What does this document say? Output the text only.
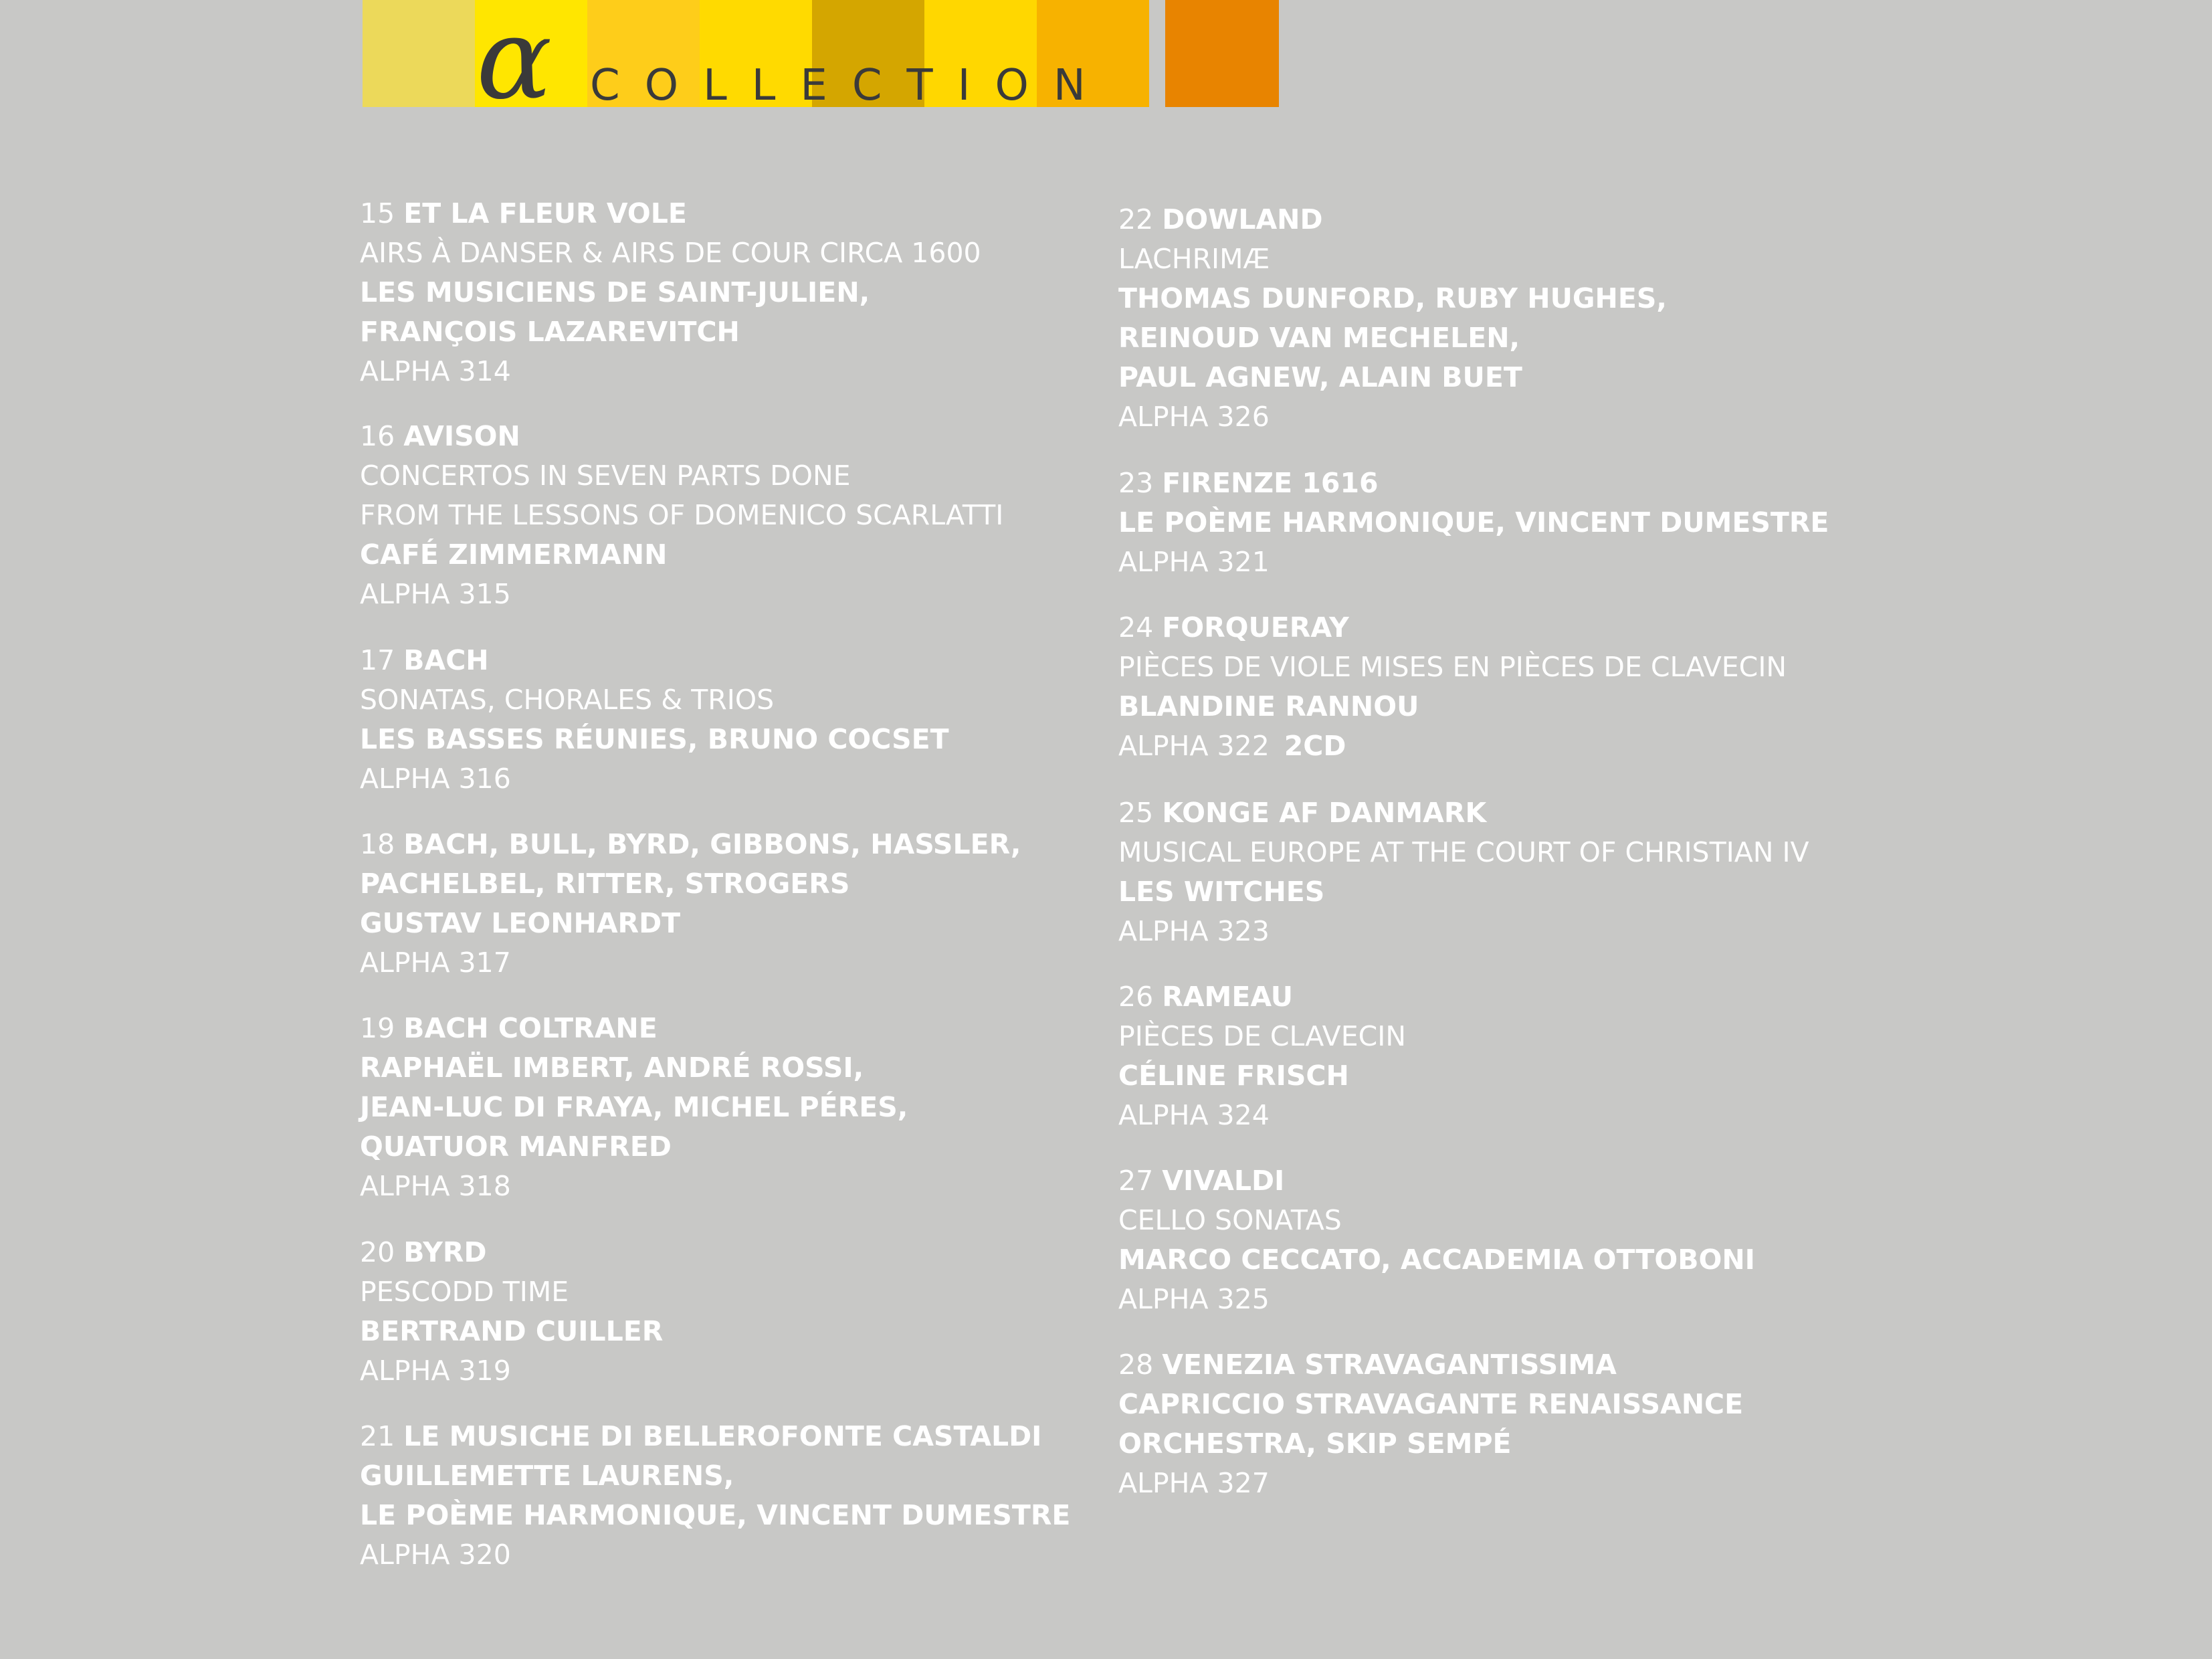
α COLLECTION
15 ET LA FLEUR VOLE
AIRS À DANSER & AIRS DE COUR CIRCA 1600
LES MUSICIENS DE SAINT-JULIEN,
FRANÇOIS LAZAREVITCH
ALPHA 314
16 AVISON
CONCERTOS IN SEVEN PARTS DONE
FROM THE LESSONS OF DOMENICO SCARLATTI
CAFÉ ZIMMERMANN
ALPHA 315
17 BACH
SONATAS, CHORALES & TRIOS
LES BASSES RÉUNIES, BRUNO COCSET
ALPHA 316
18 BACH, BULL, BYRD, GIBBONS, HASSLER,
PACHELBEL, RITTER, STROGERS
GUSTAV LEONHARDT
ALPHA 317
19 BACH COLTRANE
RAPHAËL IMBERT, ANDRÉ ROSSI,
JEAN-LUC DI FRAYA, MICHEL PÉRES,
QUATUOR MANFRED
ALPHA 318
20 BYRD
PESCODD TIME
BERTRAND CUILLER
ALPHA 319
21 LE MUSICHE DI BELLEROFONTE CASTALDI
GUILLEMETTE LAURENS,
LE POÈME HARMONIQUE, VINCENT DUMESTRE
ALPHA 320
22 DOWLAND
LACHRIMÆ
THOMAS DUNFORD, RUBY HUGHES,
REINOUD VAN MECHELEN,
PAUL AGNEW, ALAIN BUET
ALPHA 326
23 FIRENZE 1616
LE POÈME HARMONIQUE, VINCENT DUMESTRE
ALPHA 321
24 FORQUERAY
PIÈCES DE VIOLE MISES EN PIÈCES DE CLAVECIN
BLANDINE RANNOU
ALPHA 322 2CD
25 KONGE AF DANMARK
MUSICAL EUROPE AT THE COURT OF CHRISTIAN IV
LES WITCHES
ALPHA 323
26 RAMEAU
PIÈCES DE CLAVECIN
CÉLINE FRISCH
ALPHA 324
27 VIVALDI
CELLO SONATAS
MARCO CECCATO, ACCADEMIA OTTOBONI
ALPHA 325
28 VENEZIA STRAVAGANTISSIMA
CAPRICCIO STRAVAGANTE RENAISSANCE
ORCHESTRA, SKIP SEMPÉ
ALPHA 327
